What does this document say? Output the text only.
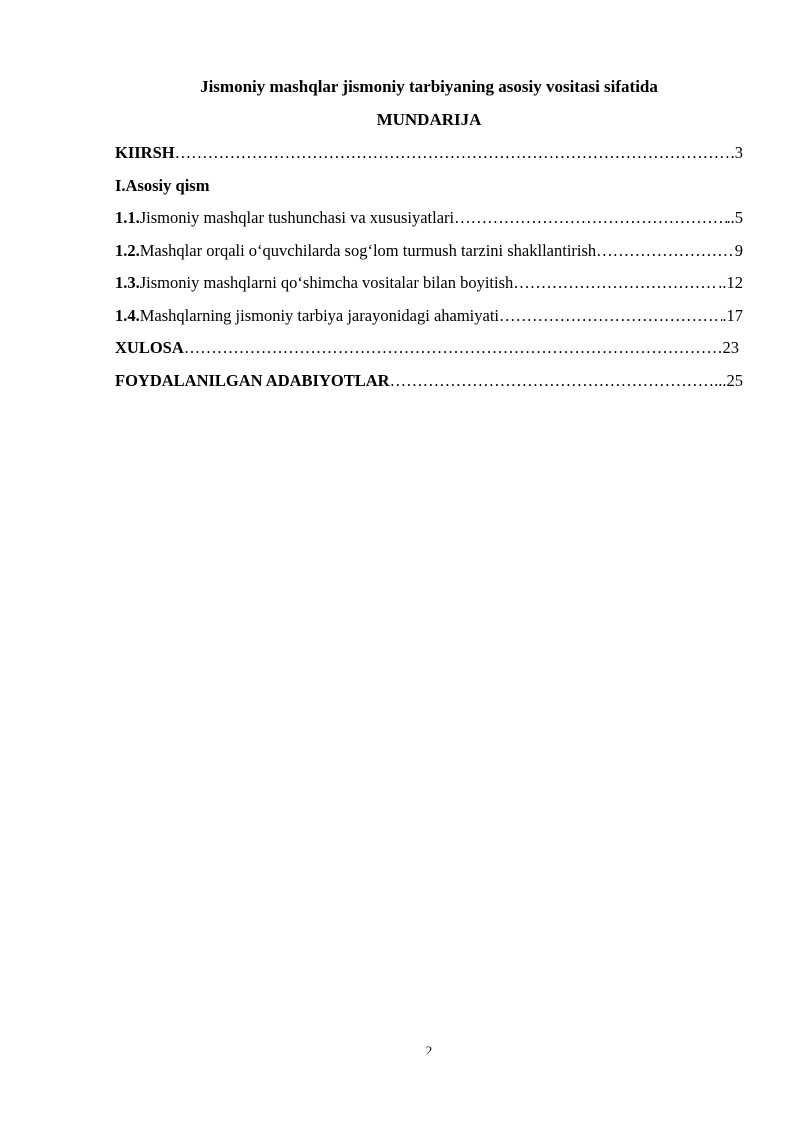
Jismoniy mashqlar jismoniy tarbiyaning asosiy vositasi sifatida
MUNDARIJA
KIIRSH ………………………………………………………………………………………………………………………………………………………………………………	.3
I.Asosiy qism
1.1.Jismoniy mashqlar tushunchasi va xususiyatlari ………………………………………………………………………………………………………………………………………………………………………………	..5
1.2.Mashqlar orqali o‘quvchilarda sog‘lom turmush tarzini shakllantirish ………………………………………………………………………………………………………………………………………………………………………………	9
1.3.Jismoniy mashqlarni qo‘shimcha vositalar bilan boyitish ………………………………………………………………………………………………………………………………………………………………………………	..12
1.4.Mashqlarning jismoniy tarbiya jarayonidagi ahamiyati ………………………………………………………………………………………………………………………………………………………………………………	.17
XULOSA ………………………………………………………………………………………………………………………………………………………………………………	23
FOYDALANILGAN ADABIYOTLAR ………………………………………………………………………………………………………………………………………………………………………………	...25
2
